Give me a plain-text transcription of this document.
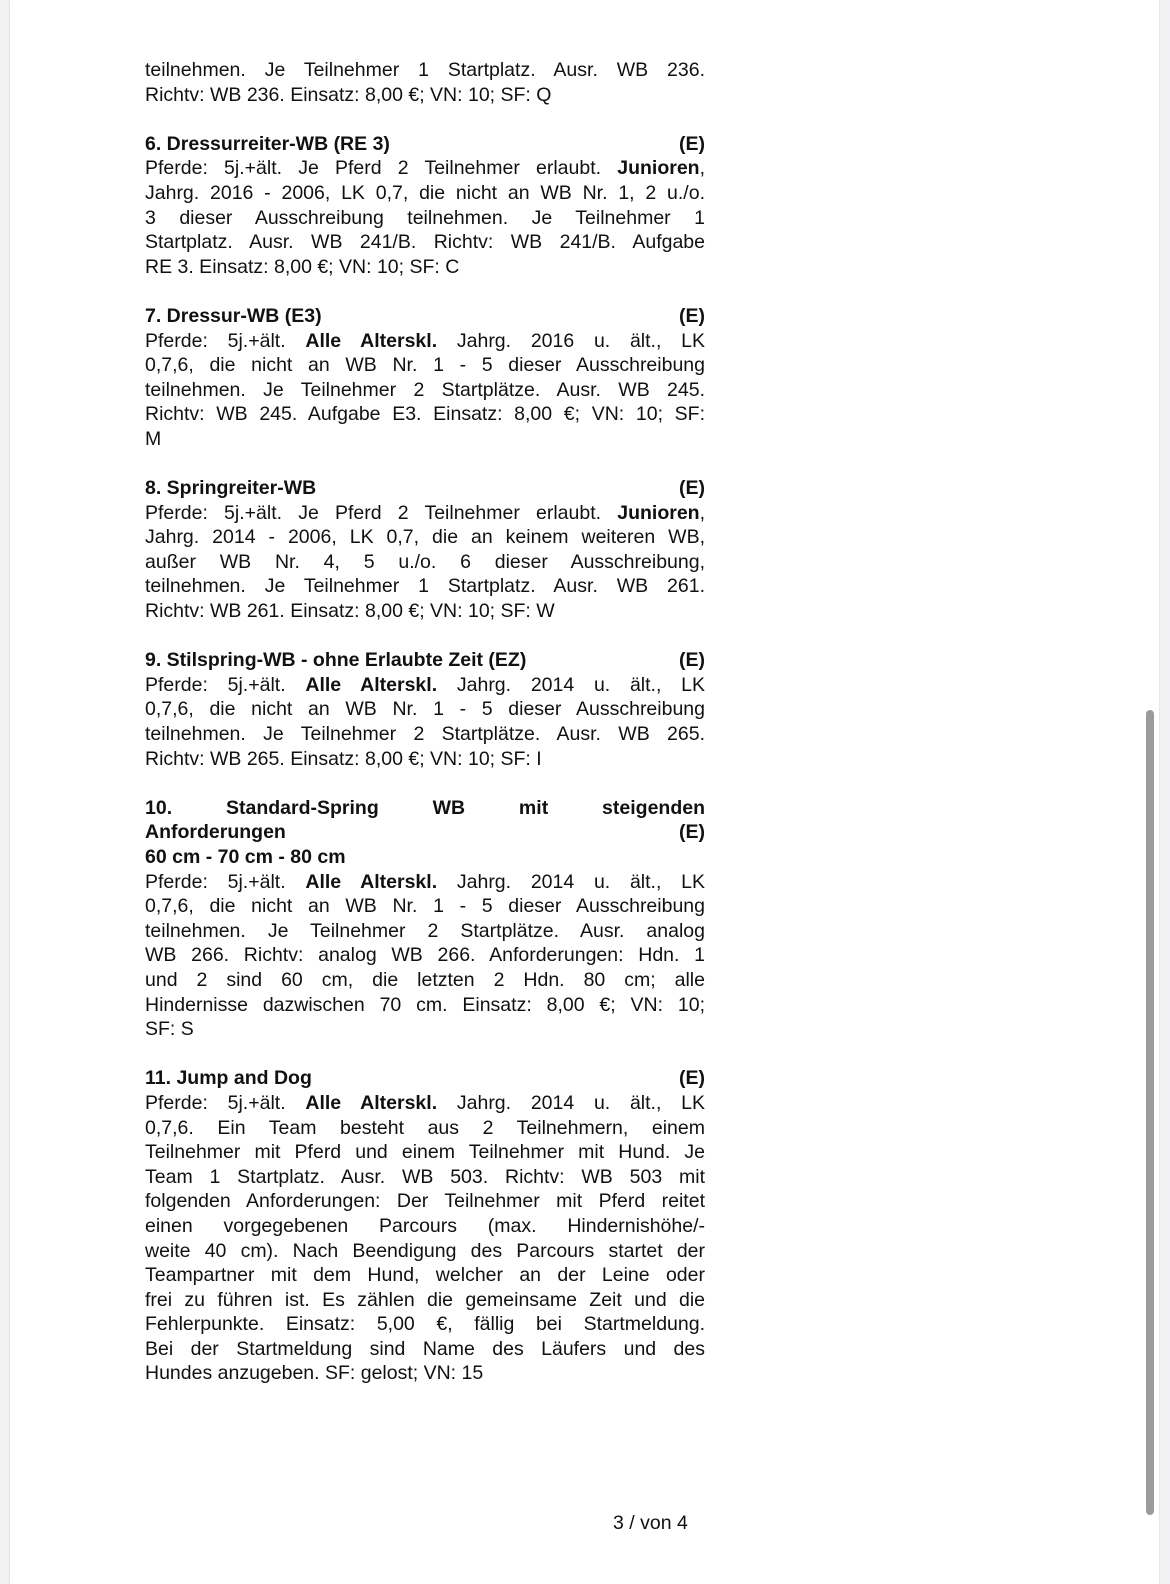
teilnehmen. Je Teilnehmer 1 Startplatz. Ausr. WB 236.
Richtv: WB 236. Einsatz: 8,00 €; VN: 10; SF: Q
6. Dressurreiter-WB (RE 3)	(E)
Pferde: 5j.+ält. Je Pferd 2 Teilnehmer erlaubt. Junioren,
Jahrg. 2016 - 2006, LK 0,7, die nicht an WB Nr. 1, 2 u./o.
3 dieser Ausschreibung teilnehmen. Je Teilnehmer 1
Startplatz. Ausr. WB 241/B. Richtv: WB 241/B. Aufgabe
RE 3. Einsatz: 8,00 €; VN: 10; SF: C
7. Dressur-WB (E3)	(E)
Pferde: 5j.+ält. Alle Alterskl. Jahrg. 2016 u. ält., LK
0,7,6, die nicht an WB Nr. 1 - 5 dieser Ausschreibung
teilnehmen. Je Teilnehmer 2 Startplätze. Ausr. WB 245.
Richtv: WB 245. Aufgabe E3. Einsatz: 8,00 €; VN: 10; SF:
M
8. Springreiter-WB	(E)
Pferde: 5j.+ält. Je Pferd 2 Teilnehmer erlaubt. Junioren,
Jahrg. 2014 - 2006, LK 0,7, die an keinem weiteren WB,
außer WB Nr. 4, 5 u./o. 6 dieser Ausschreibung,
teilnehmen. Je Teilnehmer 1 Startplatz. Ausr. WB 261.
Richtv: WB 261. Einsatz: 8,00 €; VN: 10; SF: W
9. Stilspring-WB - ohne Erlaubte Zeit (EZ)	(E)
Pferde: 5j.+ält. Alle Alterskl. Jahrg. 2014 u. ält., LK
0,7,6, die nicht an WB Nr. 1 - 5 dieser Ausschreibung
teilnehmen. Je Teilnehmer 2 Startplätze. Ausr. WB 265.
Richtv: WB 265. Einsatz: 8,00 €; VN: 10; SF: I
10. Standard-Spring WB mit steigenden
Anforderungen	(E)
60 cm - 70 cm - 80 cm
Pferde: 5j.+ält. Alle Alterskl. Jahrg. 2014 u. ält., LK
0,7,6, die nicht an WB Nr. 1 - 5 dieser Ausschreibung
teilnehmen. Je Teilnehmer 2 Startplätze. Ausr. analog
WB 266. Richtv: analog WB 266. Anforderungen: Hdn. 1
und 2 sind 60 cm, die letzten 2 Hdn. 80 cm; alle
Hindernisse dazwischen 70 cm. Einsatz: 8,00 €; VN: 10;
SF: S
11. Jump and Dog	(E)
Pferde: 5j.+ält. Alle Alterskl. Jahrg. 2014 u. ält., LK
0,7,6. Ein Team besteht aus 2 Teilnehmern, einem
Teilnehmer mit Pferd und einem Teilnehmer mit Hund. Je
Team 1 Startplatz. Ausr. WB 503. Richtv: WB 503 mit
folgenden Anforderungen: Der Teilnehmer mit Pferd reitet
einen vorgegebenen Parcours (max. Hindernishöhe/-
weite 40 cm). Nach Beendigung des Parcours startet der
Teampartner mit dem Hund, welcher an der Leine oder
frei zu führen ist. Es zählen die gemeinsame Zeit und die
Fehlerpunkte. Einsatz: 5,00 €, fällig bei Startmeldung.
Bei der Startmeldung sind Name des Läufers und des
Hundes anzugeben. SF: gelost; VN: 15
3 / von 4
